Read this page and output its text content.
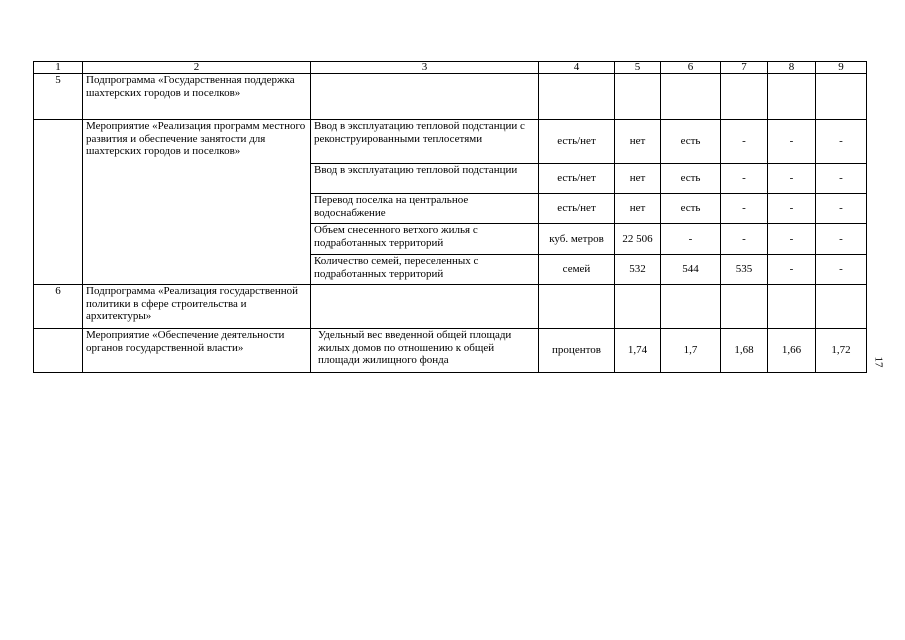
1	2	3	4	5	6	7	8	9
5	Подпрограмма «Государственная поддержка шахтерских городов и поселков»							
	Мероприятие «Реализация программ местного развития и обеспечение занятости для шахтерских городов и поселков»	Ввод в эксплуатацию тепловой подстанции с реконструированными теплосетями	есть/нет	нет	есть	-	-	-
		Ввод в эксплуатацию тепловой подстанции	есть/нет	нет	есть	-	-	-
		Перевод поселка на центральное водоснабжение	есть/нет	нет	есть	-	-	-
		Объем снесенного ветхого жилья с подработанных территорий	куб. метров	22 506	-	-	-	-
		Количество семей, переселенных с подработанных территорий	семей	532	544	535	-	-
6	Подпрограмма «Реализация государственной политики в сфере строительства и архитектуры»							
	Мероприятие «Обеспечение деятельности органов государственной власти»	Удельный вес введенной общей площади жилых домов по отношению к общей площади жилищного фонда	процентов	1,74	1,7	1,68	1,66	1,72
17
